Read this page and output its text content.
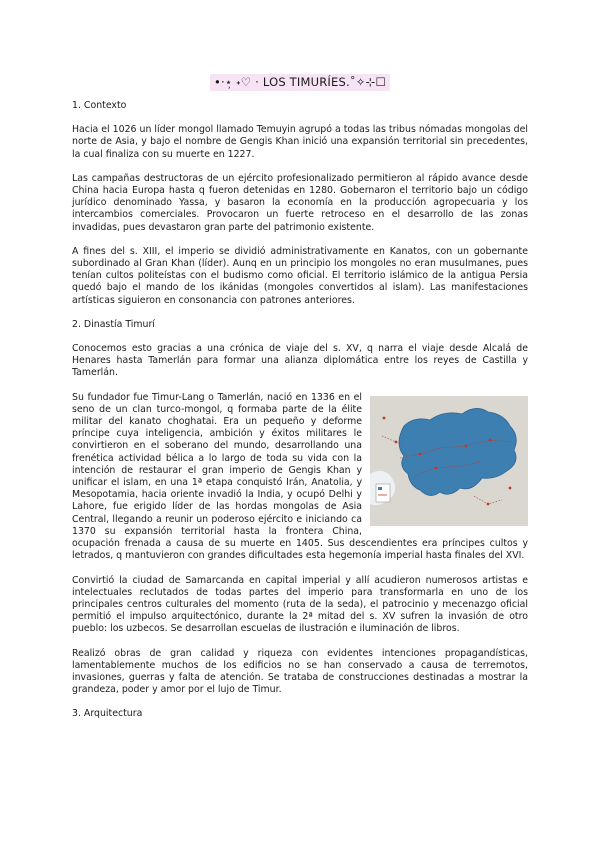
•‧⋆̹ ˖♡ ‧ LOS TIMURÍES.˚✧⊹☐

1. Contexto

Hacia el 1026 un líder mongol llamado Temuyin agrupó a todas las tribus nómadas mongolas del norte de Asia, y bajo el nombre de Gengis Khan inició una expansión territorial sin precedentes, la cual finaliza con su muerte en 1227.

Las campañas destructoras de un ejército profesionalizado permitieron al rápido avance desde China hacia Europa hasta q fueron detenidas en 1280. Gobernaron el territorio bajo un código jurídico denominado Yassa, y basaron la economía en la producción agropecuaria y los intercambios comerciales. Provocaron un fuerte retroceso en el desarrollo de las zonas invadidas, pues devastaron gran parte del patrimonio existente.

A fines del s. XIII, el imperio se dividió administrativamente en Kanatos, con un gobernante subordinado al Gran Khan (líder). Aunq en un principio los mongoles no eran musulmanes, pues tenían cultos politeístas con el budismo como oficial. El territorio islámico de la antigua Persia quedó bajo el mando de los ikánidas (mongoles convertidos al islam). Las manifestaciones artísticas siguieron en consonancia con patrones anteriores.

2. Dinastía Timurí

Conocemos esto gracias a una crónica de viaje del s. XV, q narra el viaje desde Alcalá de Henares hasta Tamerlán para formar una alianza diplomática entre los reyes de Castilla y Tamerlán.

Su fundador fue Timur-Lang o Tamerlán, nació en 1336 en el seno de un clan turco-mongol, q formaba parte de la élite militar del kanato choghatai. Era un pequeño y deforme príncipe cuya inteligencia, ambición y éxitos militares le convirtieron en el soberano del mundo, desarrollando una frenética actividad bélica a lo largo de toda su vida con la intención de restaurar el gran imperio de Gengis Khan y unificar el islam, en una 1ª etapa conquistó Irán, Anatolia, y Mesopotamia, hacia oriente invadió la India, y ocupó Delhi y Lahore, fue erigido líder de las hordas mongolas de Asia Central, llegando a reunir un poderoso ejército e iniciando ca 1370 su expansión territorial hasta la frontera China, ocupación frenada a causa de su muerte en 1405. Sus descendientes era príncipes cultos y letrados, q mantuvieron con grandes dificultades esta hegemonía imperial hasta finales del XVI.

Convirtió la ciudad de Samarcanda en capital imperial y allí acudieron numerosos artistas e intelectuales reclutados de todas partes del imperio para transformarla en uno de los principales centros culturales del momento (ruta de la seda), el patrocinio y mecenazgo oficial permitió el impulso arquitectónico, durante la 2ª mitad del s. XV sufren la invasión de otro pueblo: los uzbecos. Se desarrollan escuelas de ilustración e iluminación de libros.

Realizó obras de gran calidad y riqueza con evidentes intenciones propagandísticas, lamentablemente muchos de los edificios no se han conservado a causa de terremotos, invasiones, guerras y falta de atención. Se trataba de construcciones destinadas a mostrar la grandeza, poder y amor por el lujo de Timur.

3. Arquitectura
